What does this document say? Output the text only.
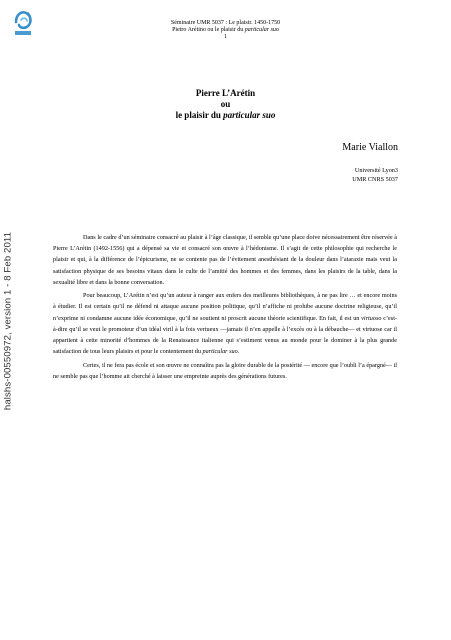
halshs-00550972, version 1 - 8 Feb 2011
Séminaire UMR 5037 : Le plaisir. 1450-1750
Pietro Arétino ou le plaisir du particular suo
1
Pierre L’Arétin
ou
le plaisir du particular suo
Marie Viallon
Université Lyon3
UMR CNRS 5037

Dans le cadre d’un séminaire consacré au plaisir à l’âge classique, il semble qu’une place doive nécessairement être réservée à Pierre L’Arétin (1492-1556) qui a dépensé sa vie et consacré son œuvre à l’hédonisme. Il s’agit de cette philosophie qui recherche le plaisir et qui, à la différence de l’épicurisme, ne se contente pas de l’évitement anesthésiant de la douleur dans l’ataraxie mais veut la satisfaction physique de ses besoins vitaux dans le culte de l’amitié des hommes et des femmes, dans les plaisirs de la table, dans la sexualité libre et dans la bonne conversation.

Pour beaucoup, L’Arétin n’est qu’un auteur à ranger aux enfers des meilleures bibliothèques, à ne pas lire … et encore moins à étudier. Il est certain qu’il ne défend ni attaque aucune position politique, qu’il n’affiche ni prohibe aucune doctrine religieuse, qu’il n’exprime ni condamne aucune idée économique, qu’il ne soutient ni proscrit aucune théorie scientifique. En fait, il est un virtuoso c’est-à-dire qu’il se veut le promoteur d’un idéal viril à la fois vertueux —jamais il n’en appelle à l’excès ou à la débauche— et virtuose car il appartient à cette minorité d’hommes de la Renaissance italienne qui s’estiment venus au monde pour le dominer à la plus grande satisfaction de tous leurs plaisirs et pour le contentement du particular suo.

Certes, il ne fera pas école et son œuvre ne connaîtra pas la gloire durable de la postérité — encore que l’oubli l’a épargné— il ne semble pas que l’homme ait cherché à laisser une empreinte auprès des générations futures.
